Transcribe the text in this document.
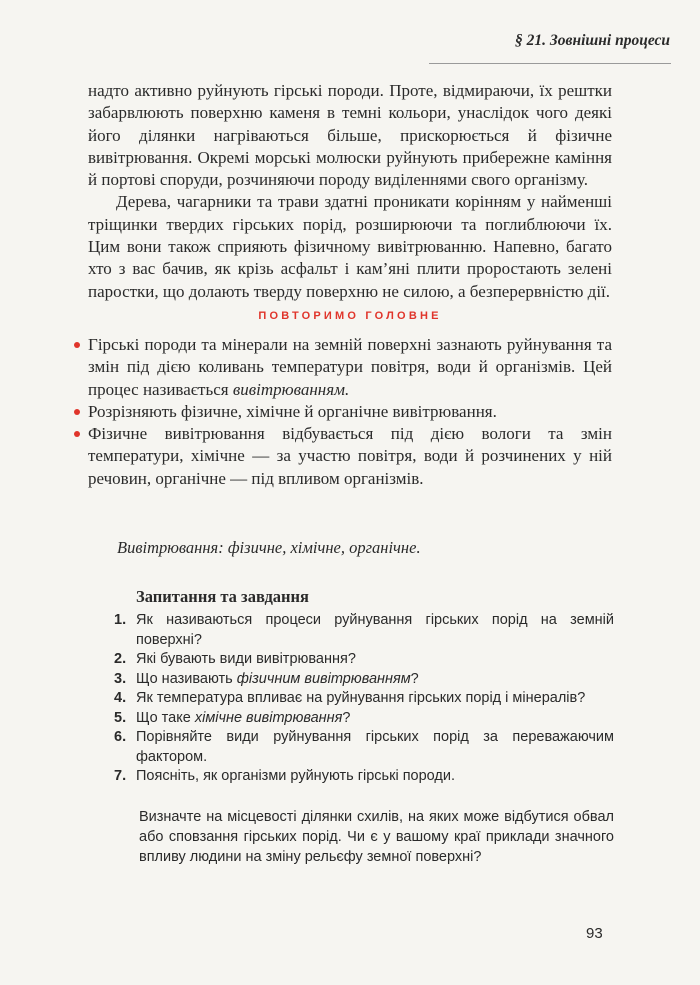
§ 21. Зовнішні процеси

надто активно руйнують гірські породи. Проте, відмираючи, їх рештки забарвлюють поверхню каменя в темні кольори, унаслідок чого деякі його ділянки нагріваються більше, прискорюється й фізичне вивітрювання. Окремі морські молюски руйнують прибережне каміння й портові споруди, розчиняючи породу виділеннями свого організму.

Дерева, чагарники та трави здатні проникати корінням у найменші тріщинки твердих гірських порід, розширюючи та поглиблюючи їх. Цим вони також сприяють фізичному вивітрюванню. Напевно, багато хто з вас бачив, як крізь асфальт і кам’яні плити проростають зелені паростки, що долають тверду поверхню не силою, а безперервністю дії.

ПОВТОРИМО ГОЛОВНЕ
Гірські породи та мінерали на земній поверхні зазнають руйнування та змін під дією коливань температури повітря, води й організмів. Цей процес називається вивітрюванням.
Розрізняють фізичне, хімічне й органічне вивітрювання.
Фізичне вивітрювання відбувається під дією вологи та змін температури, хімічне — за участю повітря, води й розчинених у ній речовин, органічне — під впливом організмів.
Вивітрювання: фізичне, хімічне, органічне.
Запитання та завдання
1. Як називаються процеси руйнування гірських порід на земній поверхні?
2. Які бувають види вивітрювання?
3. Що називають фізичним вивітрюванням?
4. Як температура впливає на руйнування гірських порід і мінералів?
5. Що таке хімічне вивітрювання?
6. Порівняйте види руйнування гірських порід за переважаючим фактором.
7. Поясніть, як організми руйнують гірські породи.
Визначте на місцевості ділянки схилів, на яких може відбутися обвал або сповзання гірських порід. Чи є у вашому краї приклади значного впливу людини на зміну рельєфу земної поверхні?
93
